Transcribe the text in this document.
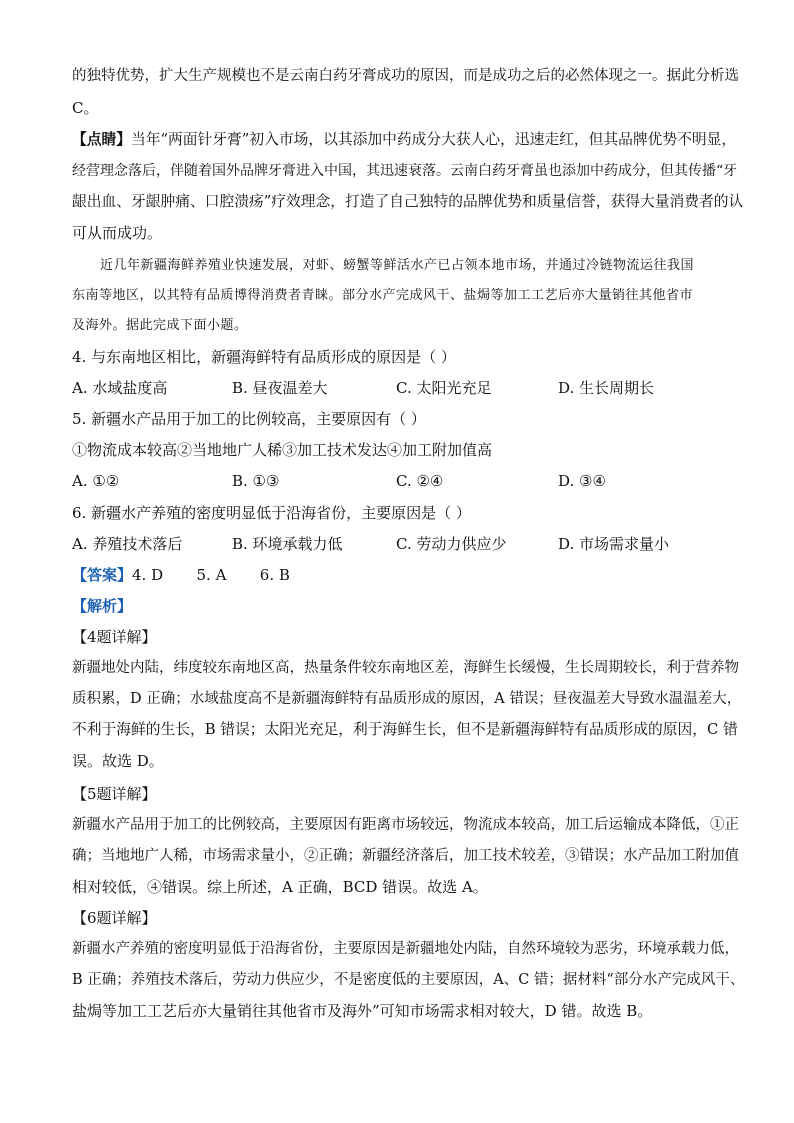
的独特优势，扩大生产规模也不是云南白药牙膏成功的原因，而是成功之后的必然体现之一。据此分析选
C。
【点睛】当年“两面针牙膏”初入市场，以其添加中药成分大获人心，迅速走红，但其品牌优势不明显，
经营理念落后，伴随着国外品牌牙膏进入中国，其迅速衰落。云南白药牙膏虽也添加中药成分，但其传播“牙
龈出血、牙龈肿痛、口腔溃疡”疗效理念，打造了自己独特的品牌优势和质量信誉，获得大量消费者的认
可从而成功。
近几年新疆海鲜养殖业快速发展，对虾、螃蟹等鲜活水产已占领本地市场，并通过冷链物流运往我国
东南等地区，以其特有品质博得消费者青睐。部分水产完成风干、盐焗等加工工艺后亦大量销往其他省市
及海外。据此完成下面小题。
4. 与东南地区相比，新疆海鲜特有品质形成的原因是（ ）
A. 水域盐度高	B. 昼夜温差大	C. 太阳光充足	D. 生长周期长
5. 新疆水产品用于加工的比例较高，主要原因有（ ）
①物流成本较高②当地地广人稀③加工技术发达④加工附加值高
A. ①②	B. ①③	C. ②④	D. ③④
6. 新疆水产养殖的密度明显低于沿海省份，主要原因是（ ）
A. 养殖技术落后	B. 环境承载力低	C. 劳动力供应少	D. 市场需求量小
【答案】4. D       5. A       6. B
【解析】
【4题详解】
新疆地处内陆，纬度较东南地区高，热量条件较东南地区差，海鲜生长缓慢，生长周期较长，利于营养物
质积累，D 正确；水域盐度高不是新疆海鲜特有品质形成的原因，A 错误；昼夜温差大导致水温温差大，
不利于海鲜的生长，B 错误；太阳光充足，利于海鲜生长，但不是新疆海鲜特有品质形成的原因，C 错
误。故选 D。
【5题详解】
新疆水产品用于加工的比例较高，主要原因有距离市场较远，物流成本较高，加工后运输成本降低，①正
确；当地地广人稀，市场需求量小，②正确；新疆经济落后，加工技术较差，③错误；水产品加工附加值
相对较低，④错误。综上所述，A 正确，BCD 错误。故选 A。
【6题详解】
新疆水产养殖的密度明显低于沿海省份，主要原因是新疆地处内陆，自然环境较为恶劣，环境承载力低，
B 正确；养殖技术落后，劳动力供应少，不是密度低的主要原因，A、C 错；据材料“部分水产完成风干、
盐焗等加工工艺后亦大量销往其他省市及海外”可知市场需求相对较大，D 错。故选 B。
